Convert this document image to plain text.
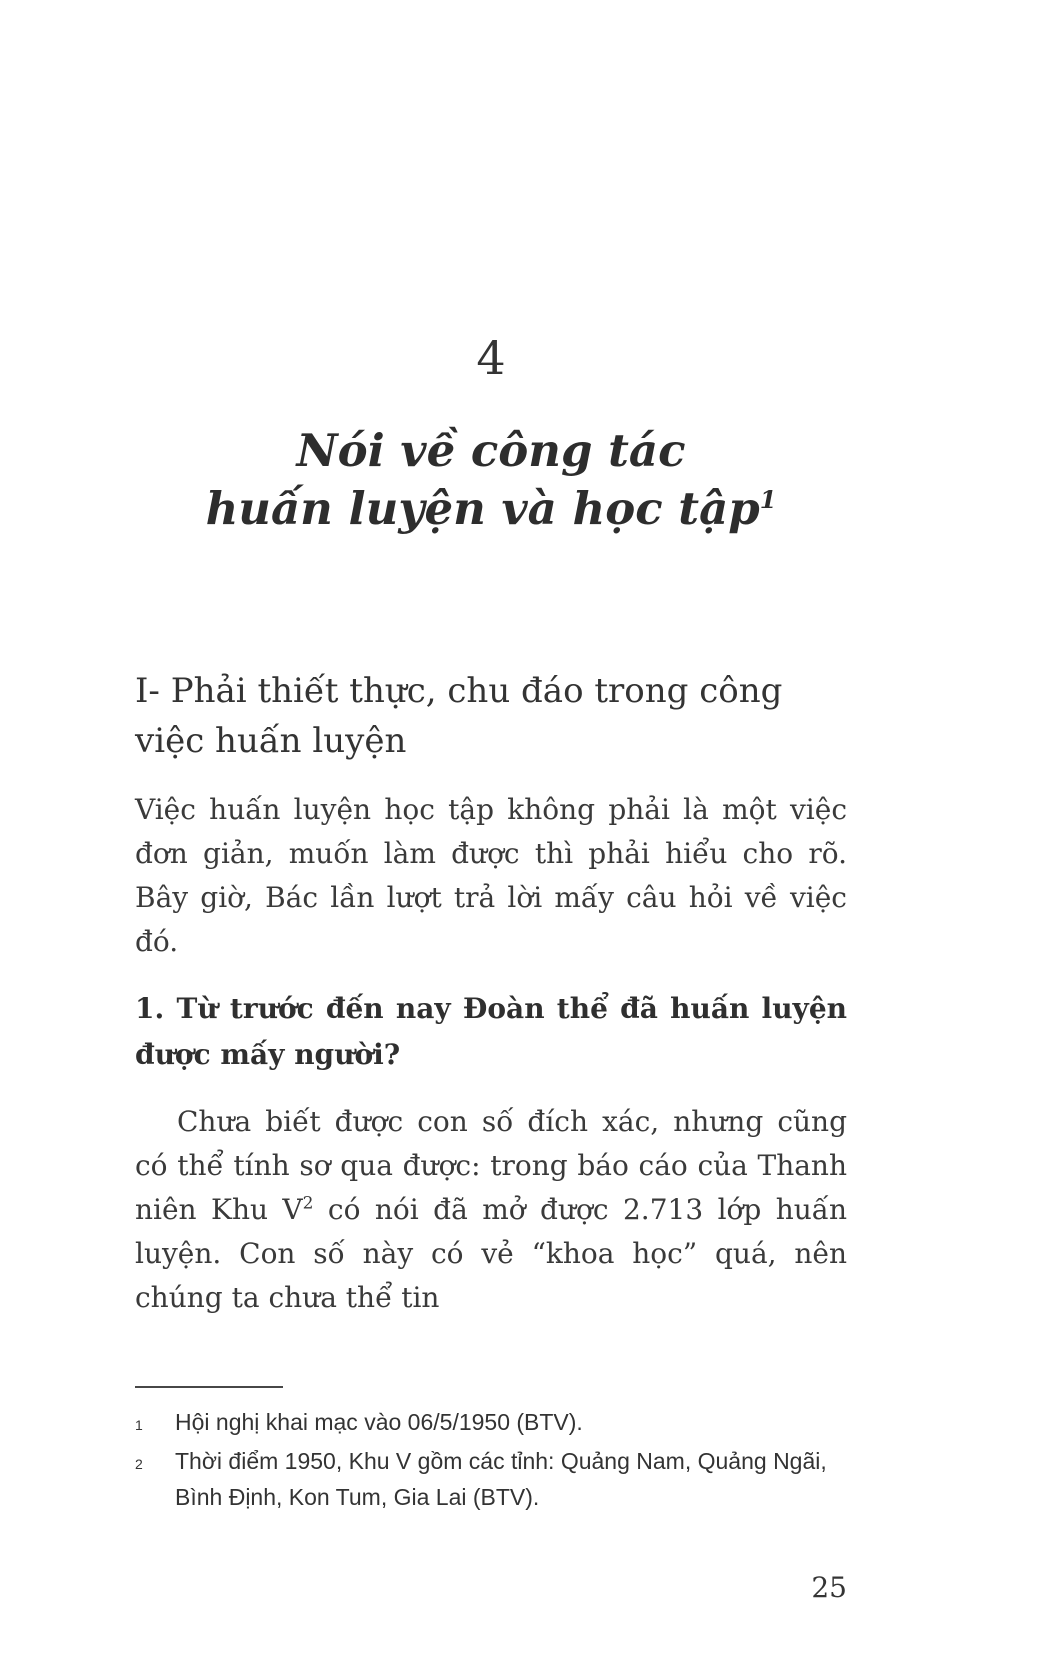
4
Nói về công tác
huấn luyện và học tập$^1$
I- Phải thiết thực, chu đáo trong công việc huấn luyện
Việc huấn luyện học tập không phải là một việc đơn giản, muốn làm được thì phải hiểu cho rõ. Bây giờ, Bác lần lượt trả lời mấy câu hỏi về việc đó.
1. Từ trước đến nay Đoàn thể đã huấn luyện được mấy người?
Chưa biết được con số đích xác, nhưng cũng có thể tính sơ qua được: trong báo cáo của Thanh niên Khu $V^2$ có nói đã mở được 2.713 lớp huấn luyện. Con số này có vẻ “khoa học” quá, nên chúng ta chưa thể tin
1	Hội nghị khai mạc vào 06/5/1950 (BTV).
2	Thời điểm 1950, Khu V gồm các tỉnh: Quảng Nam, Quảng Ngãi, Bình Định, Kon Tum, Gia Lai (BTV).
25
